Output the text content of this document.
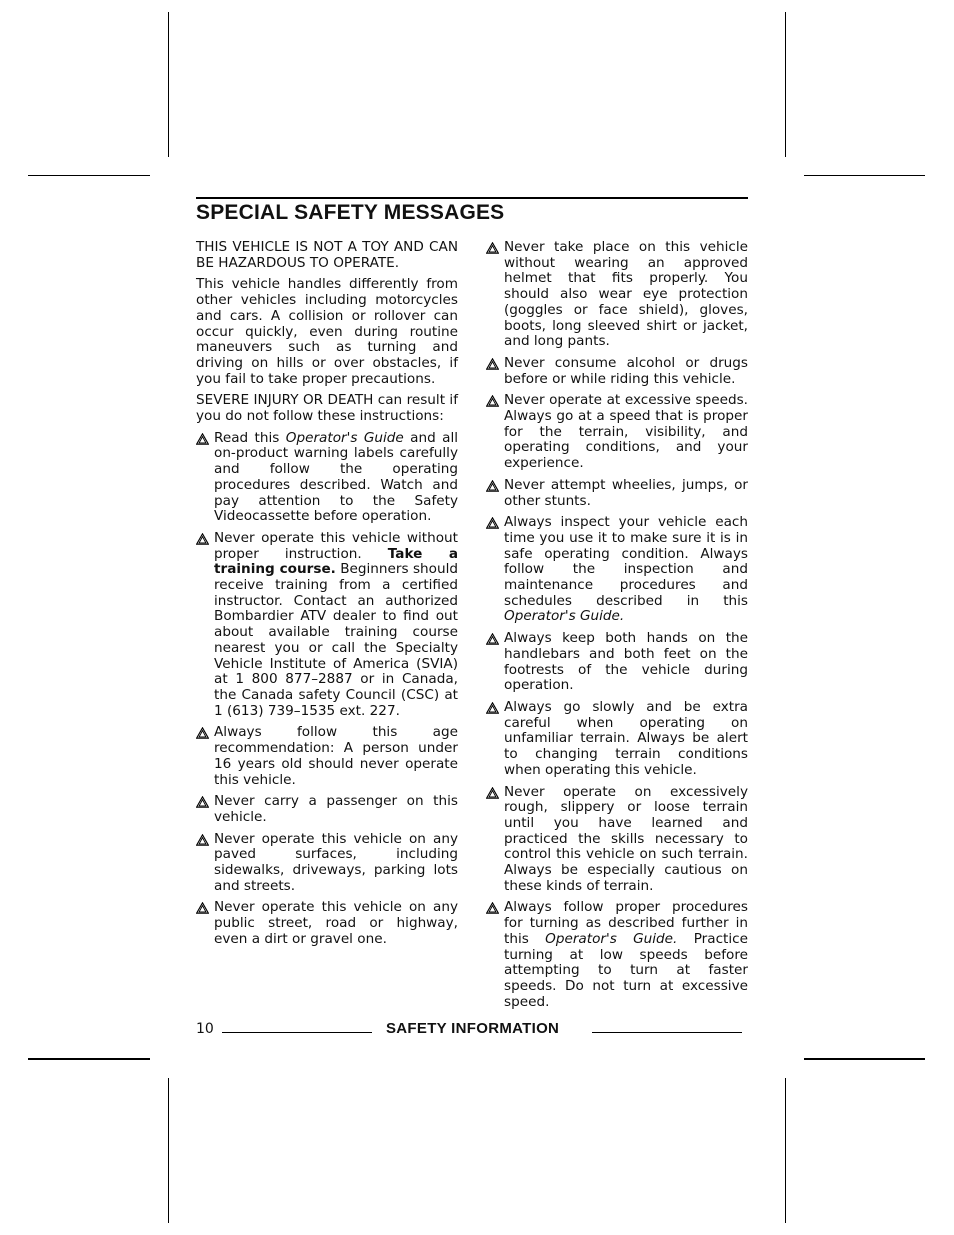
SPECIAL SAFETY MESSAGES

THIS VEHICLE IS NOT A TOY AND CAN BE HAZARDOUS TO OPERATE.

This vehicle handles differently from other vehicles including motorcycles and cars. A collision or rollover can occur quickly, even during routine maneuvers such as turning and driving on hills or over obstacles, if you fail to take proper precautions.

SEVERE INJURY OR DEATH can result if you do not follow these instructions:

Read this Operator's Guide and all on-product warning labels carefully and follow the operating procedures described. Watch and pay attention to the Safety Videocassette before operation.
Never operate this vehicle without proper instruction. Take a training course. Beginners should receive training from a certified instructor. Contact an authorized Bombardier ATV dealer to find out about available training course nearest you or call the Specialty Vehicle Institute of America (SVIA) at 1 800 877–2887 or in Canada, the Canada safety Council (CSC) at 1 (613) 739–1535 ext. 227.
Always follow this age recommendation: A person under 16 years old should never operate this vehicle.
Never carry a passenger on this vehicle.
Never operate this vehicle on any paved surfaces, including sidewalks, driveways, parking lots and streets.
Never operate this vehicle on any public street, road or highway, even a dirt or gravel one.
Never take place on this vehicle without wearing an approved helmet that fits properly. You should also wear eye protection (goggles or face shield), gloves, boots, long sleeved shirt or jacket, and long pants.
Never consume alcohol or drugs before or while riding this vehicle.
Never operate at excessive speeds. Always go at a speed that is proper for the terrain, visibility, and operating conditions, and your experience.
Never attempt wheelies, jumps, or other stunts.
Always inspect your vehicle each time you use it to make sure it is in safe operating condition. Always follow the inspection and maintenance procedures and schedules described in this Operator's Guide.
Always keep both hands on the handlebars and both feet on the footrests of the vehicle during operation.
Always go slowly and be extra careful when operating on unfamiliar terrain. Always be alert to changing terrain conditions when operating this vehicle.
Never operate on excessively rough, slippery or loose terrain until you have learned and practiced the skills necessary to control this vehicle on such terrain. Always be especially cautious on these kinds of terrain.
Always follow proper procedures for turning as described further in this Operator's Guide. Practice turning at low speeds before attempting to turn at faster speeds. Do not turn at excessive speed.
10	SAFETY INFORMATION
